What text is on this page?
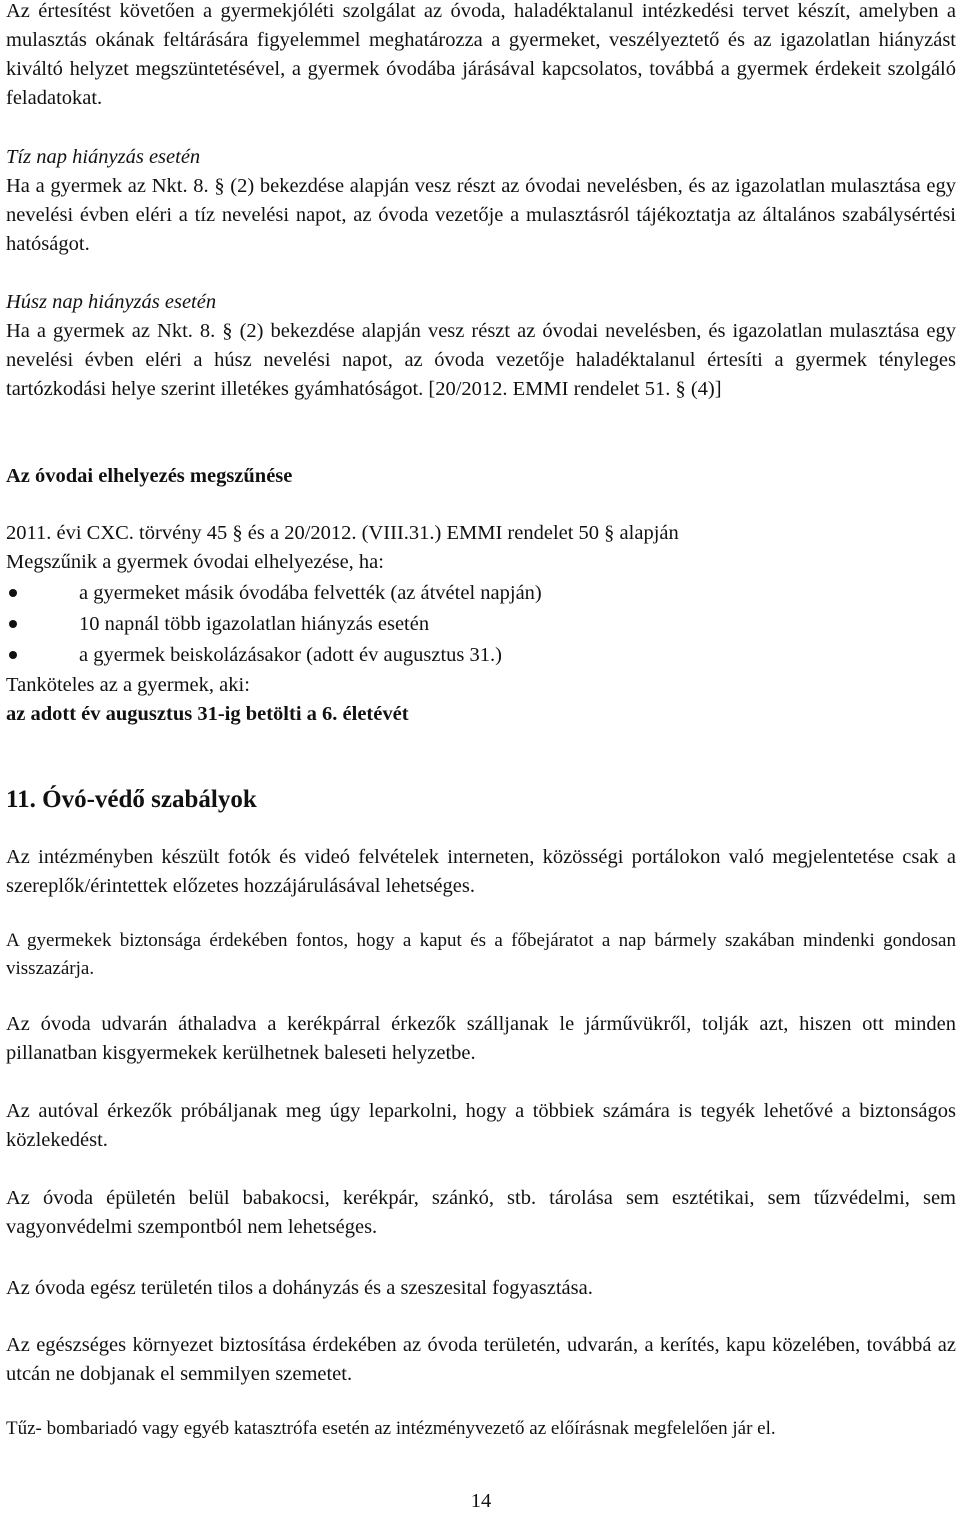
Az értesítést követően a gyermekjóléti szolgálat az óvoda, haladéktalanul intézkedési tervet készít, amelyben a mulasztás okának feltárására figyelemmel meghatározza a gyermeket, veszélyeztető és az igazolatlan hiányzást kiváltó helyzet megszüntetésével, a gyermek óvodába járásával kapcsolatos, továbbá a gyermek érdekeit szolgáló feladatokat.

Tíz nap hiányzás esetén

Ha a gyermek az Nkt. 8. § (2) bekezdése alapján vesz részt az óvodai nevelésben, és az igazolatlan mulasztása egy nevelési évben eléri a tíz nevelési napot, az óvoda vezetője a mulasztásról tájékoztatja az általános szabálysértési hatóságot.

Húsz nap hiányzás esetén

Ha a gyermek az Nkt. 8. § (2) bekezdése alapján vesz részt az óvodai nevelésben, és igazolatlan mulasztása egy nevelési évben eléri a húsz nevelési napot, az óvoda vezetője haladéktalanul értesíti a gyermek tényleges tartózkodási helye szerint illetékes gyámhatóságot. [20/2012. EMMI rendelet 51. § (4)]

Az óvodai elhelyezés megszűnése

2011. évi CXC. törvény 45 § és a 20/2012. (VIII.31.) EMMI rendelet 50 § alapján

Megszűnik a gyermek óvodai elhelyezése, ha:

a gyermeket másik óvodába felvették (az átvétel napján)
10 napnál több igazolatlan hiányzás esetén
a gyermek beiskolázásakor (adott év augusztus 31.)

Tanköteles az a gyermek, aki:

az adott év augusztus 31-ig betölti a 6. életévét

11. Óvó-védő szabályok

Az intézményben készült fotók és videó felvételek interneten, közösségi portálokon való megjelentetése csak a szereplők/érintettek előzetes hozzájárulásával lehetséges.

A gyermekek biztonsága érdekében fontos, hogy a kaput és a főbejáratot a nap bármely szakában mindenki gondosan visszazárja.

Az óvoda udvarán áthaladva a kerékpárral érkezők szálljanak le járművükről, tolják azt, hiszen ott minden pillanatban kisgyermekek kerülhetnek baleseti helyzetbe.

Az autóval érkezők próbáljanak meg úgy leparkolni, hogy a többiek számára is tegyék lehetővé a biztonságos közlekedést.

Az óvoda épületén belül babakocsi, kerékpár, szánkó, stb. tárolása sem esztétikai, sem tűzvédelmi, sem vagyonvédelmi szempontból nem lehetséges.

Az óvoda egész területén tilos a dohányzás és a szeszesital fogyasztása.

Az egészséges környezet biztosítása érdekében az óvoda területén, udvarán, a kerítés, kapu közelében, továbbá az utcán ne dobjanak el semmilyen szemetet.

Tűz- bombariadó vagy egyéb katasztrófa esetén az intézményvezető az előírásnak megfelelően jár el.

14
